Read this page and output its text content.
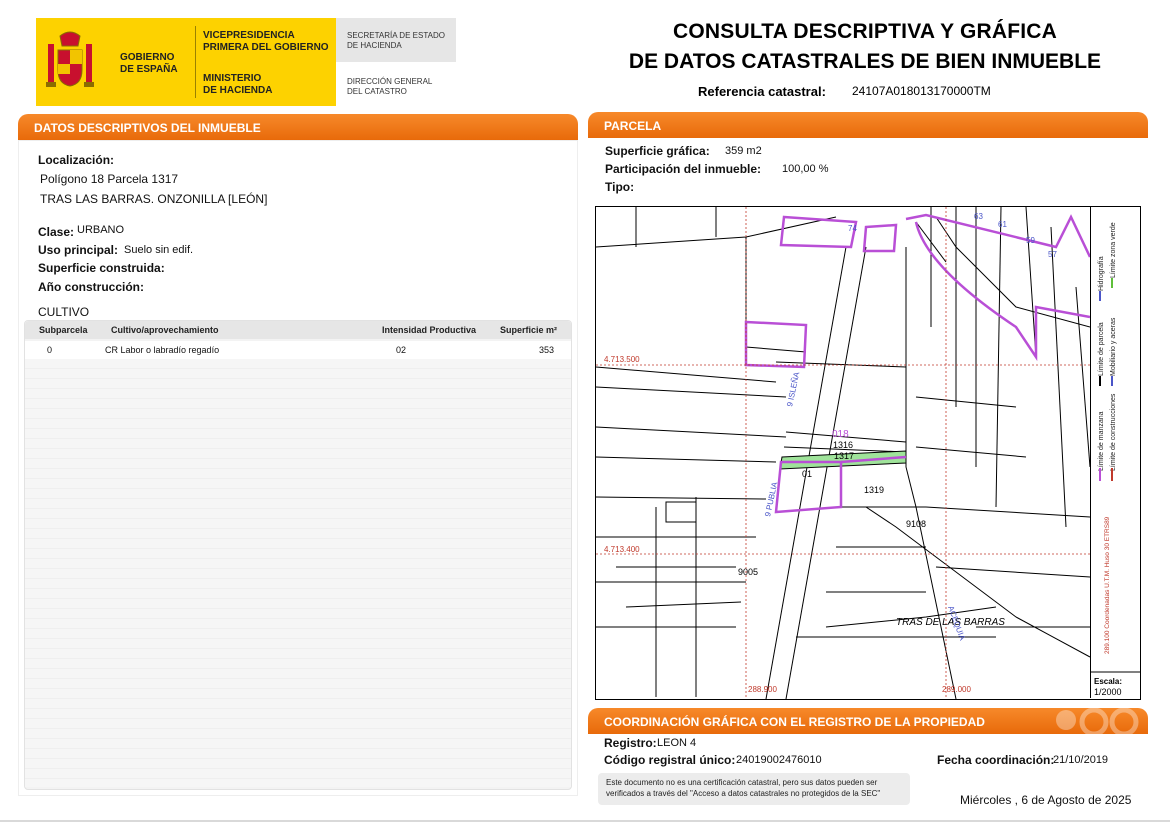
GOBIERNO
DE ESPAÑA
VICEPRESIDENCIA
PRIMERA DEL GOBIERNO
MINISTERIO
DE HACIENDA
SECRETARÍA DE ESTADO
DE HACIENDA
DIRECCIÓN GENERAL
DEL CATASTRO
CONSULTA DESCRIPTIVA Y GRÁFICA
DE DATOS CATASTRALES DE BIEN INMUEBLE
Referencia catastral: 24107A018013170000TM
DATOS DESCRIPTIVOS DEL INMUEBLE
Localización:
Polígono 18 Parcela 1317
TRAS LAS BARRAS. ONZONILLA [LEÓN]
Clase: URBANO
Uso principal: Suelo sin edif.
Superficie construida:
Año construcción:
CULTIVO
Subparcela	Cultivo/aprovechamiento	Intensidad Productiva	Superficie m²
0	CR Labor o labradío regadío	02	353
PARCELA
Superficie gráfica: 359 m2
Participación del inmueble: 100,00 %
Tipo:
4.713.500
4.713.400
288.900	289.000
018
1316
1317
01
1319
9108
9005
63
61
59
57
74
TRAS DE LAS BARRAS
9 ISLEÑA
9 PUBLIA
ACEQUIA
Límite de manzana
Límite de parcela
Hidrografía
Límite de construcciones
Mobiliario y aceras
Límite zona verde
289.100 Coordenadas U.T.M. Huso 30 ETRS89
Escala:
1/2000
COORDINACIÓN GRÁFICA CON EL REGISTRO DE LA PROPIEDAD
Registro: LEON 4
Código registral único: 24019002476010	Fecha coordinación:
21/10/2019
Este documento no es una certificación catastral, pero sus datos pueden ser
verificados a través del "Acceso a datos catastrales no protegidos de la SEC"	Miércoles , 6 de Agosto de 2025
